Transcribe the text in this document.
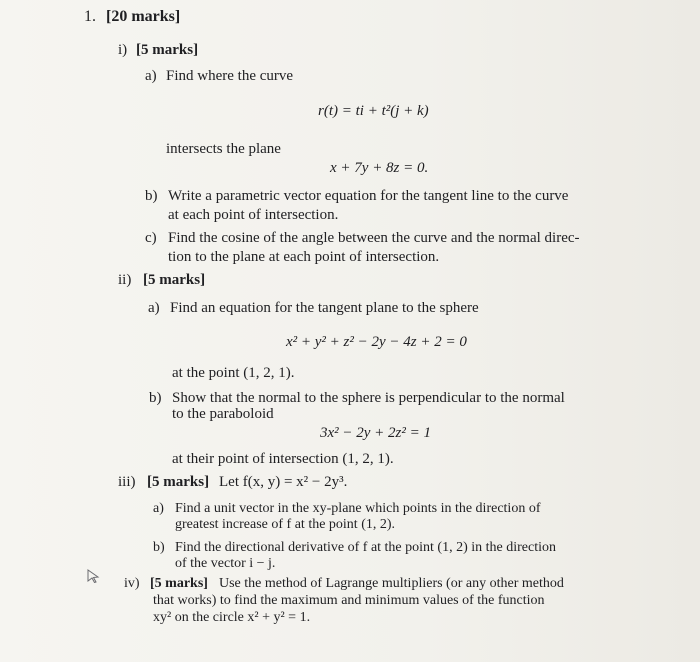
1. [20 marks]
i) [5 marks]
a) Find where the curve
r(t) = ti + t²(j + k)
intersects the plane
x + 7y + 8z = 0.
b) Write a parametric vector equation for the tangent line to the curve
at each point of intersection.
c) Find the cosine of the angle between the curve and the normal direc-
tion to the plane at each point of intersection.
ii) [5 marks]
a) Find an equation for the tangent plane to the sphere
x² + y² + z² − 2y − 4z + 2 = 0
at the point (1, 2, 1).
b) Show that the normal to the sphere is perpendicular to the normal
to the paraboloid
3x² − 2y + 2z² = 1
at their point of intersection (1, 2, 1).
iii) [5 marks] Let f(x, y) = x² − 2y³.
a) Find a unit vector in the xy-plane which points in the direction of
greatest increase of f at the point (1, 2).
b) Find the directional derivative of f at the point (1, 2) in the direction
of the vector i − j.
iv) [5 marks] Use the method of Lagrange multipliers (or any other method
that works) to find the maximum and minimum values of the function
xy² on the circle x² + y² = 1.
